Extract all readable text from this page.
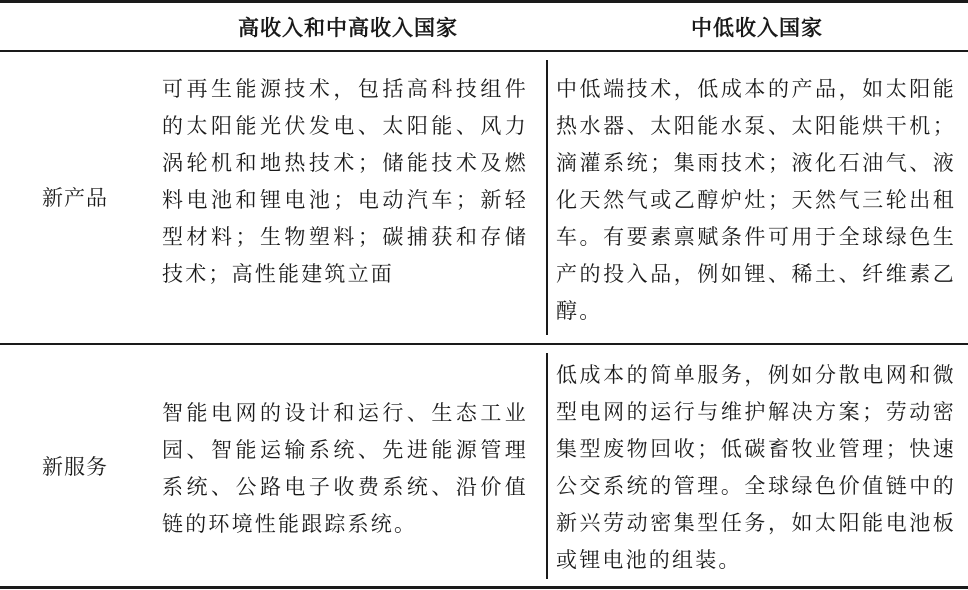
高收入和中高收入国家	中低收入国家
新产品
可再生能源技术，包括高科技组件的太阳能光伏发电、太阳能、风力涡轮机和地热技术；储能技术及燃料电池和锂电池；电动汽车；新轻型材料；生物塑料；碳捕获和存储技术；高性能建筑立面
中低端技术，低成本的产品，如太阳能热水器、太阳能水泵、太阳能烘干机；滴灌系统；集雨技术；液化石油气、液化天然气或乙醇炉灶；天然气三轮出租车。有要素禀赋条件可用于全球绿色生产的投入品，例如锂、稀土、纤维素乙醇。
新服务
智能电网的设计和运行、生态工业园、智能运输系统、先进能源管理系统、公路电子收费系统、沿价值链的环境性能跟踪系统。
低成本的简单服务，例如分散电网和微型电网的运行与维护解决方案；劳动密集型废物回收；低碳畜牧业管理；快速公交系统的管理。全球绿色价值链中的新兴劳动密集型任务，如太阳能电池板或锂电池的组装。
